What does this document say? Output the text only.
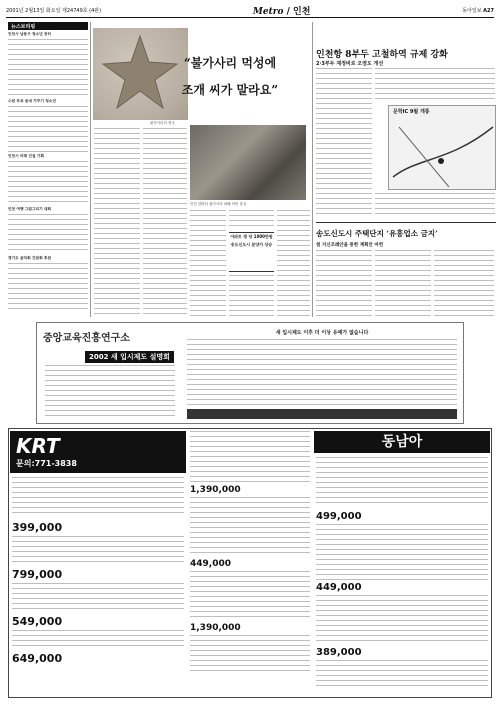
2001년 2월13일 화요일 제24749호 (4판)	Metro / 인천	동아일보 A27
뉴스브리핑
인천시 남동구 청소년 장터
수원 부곡 동네 가꾸기 청소년
인천시 미래 건설 기획
인천 여행 그림그리기 대회
경기도 음악회 간담회 후원
불가사리의 천국
“불가사리 먹성에
조개 씨가 말라요”
인천 앞바다 불가사리 피해 어민 울상
아파트 평 당 1000만원
송도신도시 분양가 상승
인천항 8부두 고철하역 규제 강화
2·3부두 재정비로 오염도 개선
문학IC 9월 개통
송도신도시 주택단지 ‘유흥업소 금지’
첨 지신조례안을 통한 계획안 마련
중앙교육진흥연구소
2002 새 입시제도 설명회
새 입시제도 이후 더 이상 유예가 없습니다
KRT
문의:771-3838
399,000
799,000
549,000
649,000
1,390,000
449,000
1,390,000
동남아
499,000
449,000
389,000
